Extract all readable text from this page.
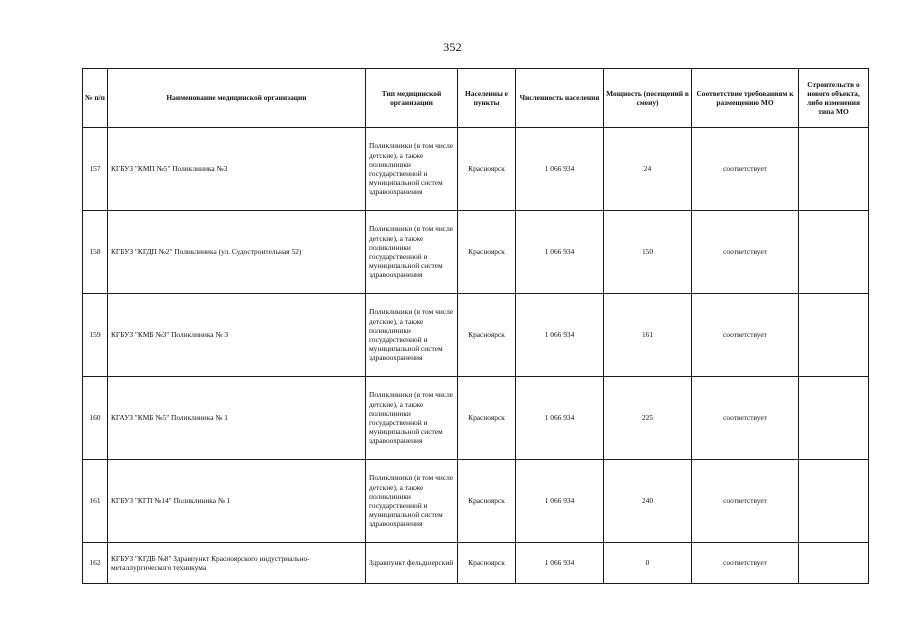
352
№ п/п	Наименование медицинской организации	Тип медицинской организации	Населенны е пункты	Численность населения	Мощность (посещений в смену)	Соответствие требованиям к размещению МО	Строительств о нового объекта, либо изменения типа МО
157	КГБУЗ "КМП №5" Поликлиника №3	Поликлиники (в том числе детские), а также поликлиники государственной и муниципальной систем здравоохранения	Красноярск	1 066 934	24	соответствует	
158	КГБУЗ "КГДП №2" Поликлиника (ул. Судостроительная 52)	Поликлиники (в том числе детские), а также поликлиники государственной и муниципальной систем здравоохранения	Красноярск	1 066 934	150	соответствует	
159	КГБУЗ "КМБ №3" Поликлиника № 3	Поликлиники (в том числе детские), а также поликлиники государственной и муниципальной систем здравоохранения	Красноярск	1 066 934	161	соответствует	
160	КГАУЗ "КМБ №5" Поликлиника № 1	Поликлиники (в том числе детские), а также поликлиники государственной и муниципальной систем здравоохранения	Красноярск	1 066 934	225	соответствует	
161	КГБУЗ "КГП №14" Поликлиника № 1	Поликлиники (в том числе детские), а также поликлиники государственной и муниципальной систем здравоохранения	Красноярск	1 066 934	240	соответствует	
162	КГБУЗ "КГДБ №8" Здравпункт Красноярского индустриально-металлургического техникума	Здравпункт фельдшерский	Красноярск	1 066 934	0	соответствует	
